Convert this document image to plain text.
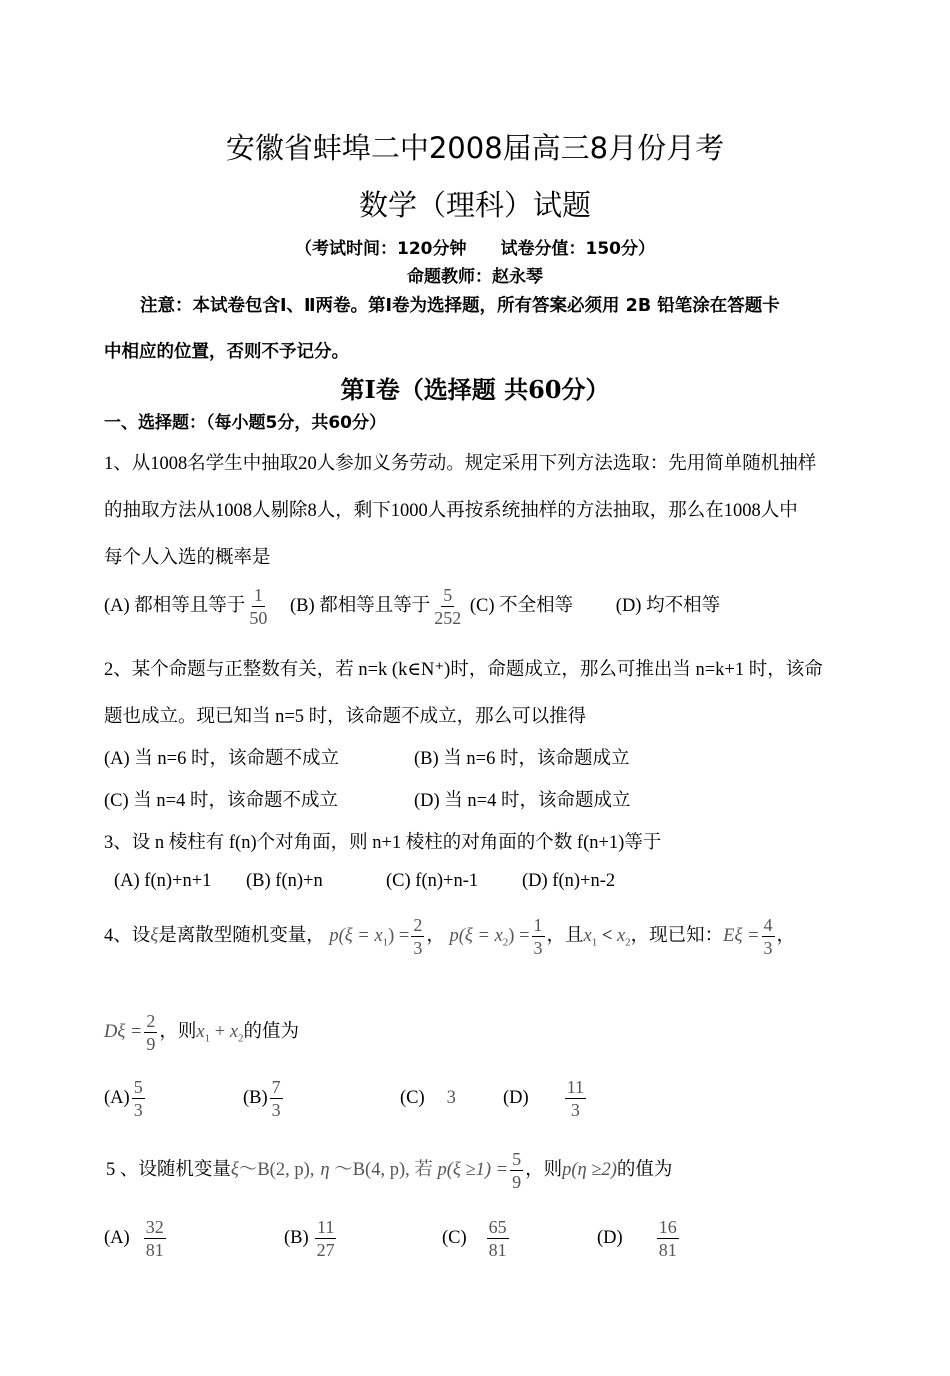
安徽省蚌埠二中2008届高三8月份月考
数学（理科）试题
（考试时间：120分钟　　试卷分值：150分）
命题教师：赵永琴
注意：本试卷包含Ⅰ、Ⅱ两卷。第Ⅰ卷为选择题，所有答案必须用 2B 铅笔涂在答题卡
中相应的位置，否则不予记分。
第Ⅰ卷（选择题 共60分）
一、选择题：（每小题5分，共60分）
1、从1008名学生中抽取20人参加义务劳动。规定采用下列方法选取：先用简单随机抽样
的抽取方法从1008人剔除8人，剩下1000人再按系统抽样的方法抽取，那么在1008人中
每个人入选的概率是
(A) 都相等且等于 $\frac{1}{50} (B)$ 都相等且等于 $\frac{5}{252} (C)$ 不全相等 (D) 均不相等
2、某个命题与正整数有关，若 n=k (k∈N⁺)时，命题成立，那么可推出当 n=k+1 时，该命
题也成立。现已知当 n=5 时，该命题不成立，那么可以推得
(A) 当 n=6 时，该命题不成立	(B) 当 n=6 时，该命题成立
(C) 当 n=4 时，该命题不成立	(D) 当 n=4 时，该命题成立
3、设 n 棱柱有 f(n)个对角面，则 n+1 棱柱的对角面的个数 f(n+1)等于
(A) f(n)+n+1 (B) f(n)+n	(C) f(n)+n-1 (D) f(n)+n-2
4、设ξ是离散型随机变量， $p(\xi = x_1) = \frac{2}{3}$ ， $p(\xi = x_2) = \frac{1}{3}$ ，且$x_1 < x_2$，现已知：$E\xi = \frac{4}{3}$ ，
$D\xi = \frac{2}{9}$ ，则$x_1 + x_2$的值为
$(A) \frac{5}{3}$	$(B) \frac{7}{3}$	(C) 3	$(D) \frac{11}{3}$
5 、设随机变量ξ～B(2, p), η ～B(4, p), 若 $p(\xi \ge 1) = \frac{5}{9}$ ，则p(η ≥2)的值为
$(A) \frac{32}{81}$	$(B) \frac{11}{27}$	$(C) \frac{65}{81}$	$(D) \frac{16}{81}$
